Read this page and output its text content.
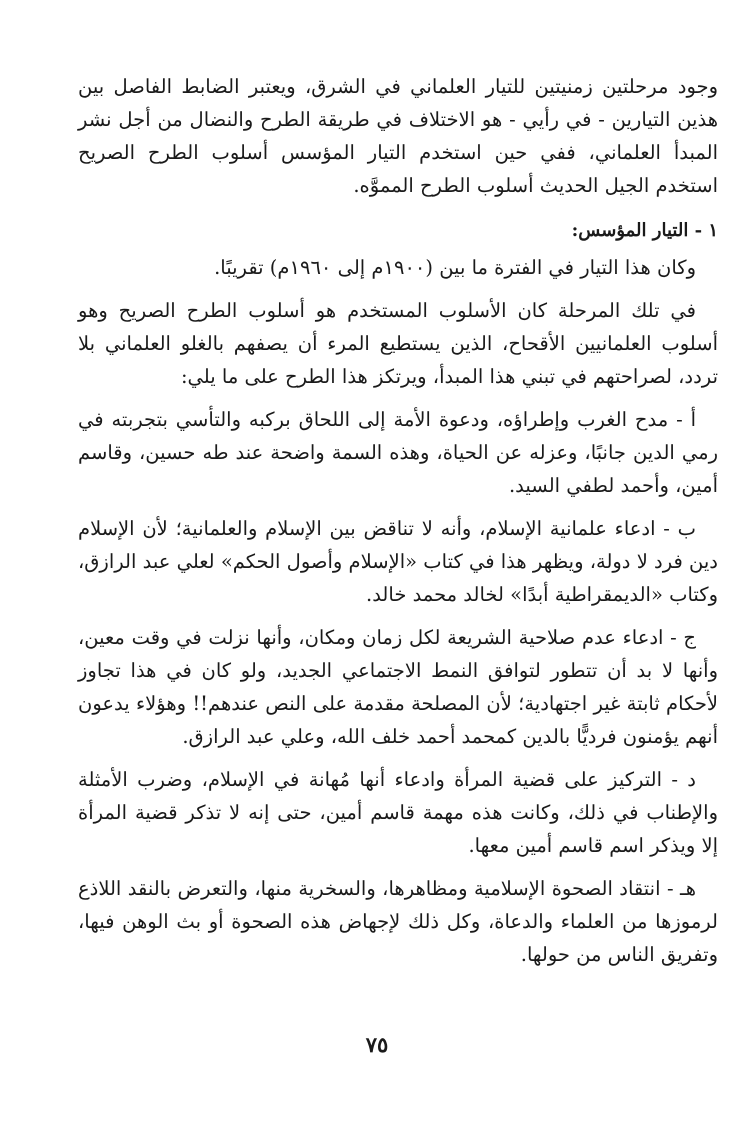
وجود مرحلتين زمنيتين للتيار العلماني في الشرق، ويعتبر الضابط الفاصل بين هذين التيارين - في رأيي - هو الاختلاف في طريقة الطرح والنضال من أجل نشر المبدأ العلماني، ففي حين استخدم التيار المؤسس أسلوب الطرح الصريح استخدم الجيل الحديث أسلوب الطرح المموَّه.

١ - التيار المؤسس:

وكان هذا التيار في الفترة ما بين (١٩٠٠م إلى ١٩٦٠م) تقريبًا.

في تلك المرحلة كان الأسلوب المستخدم هو أسلوب الطرح الصريح وهو أسلوب العلمانيين الأقحاح، الذين يستطيع المرء أن يصفهم بالغلو العلماني بلا تردد، لصراحتهم في تبني هذا المبدأ، ويرتكز هذا الطرح على ما يلي:

أ - مدح الغرب وإطراؤه، ودعوة الأمة إلى اللحاق بركبه والتأسي بتجربته في رمي الدين جانبًا، وعزله عن الحياة، وهذه السمة واضحة عند طه حسين، وقاسم أمين، وأحمد لطفي السيد.

ب - ادعاء علمانية الإسلام، وأنه لا تناقض بين الإسلام والعلمانية؛ لأن الإسلام دين فرد لا دولة، ويظهر هذا في كتاب «الإسلام وأصول الحكم» لعلي عبد الرازق، وكتاب «الديمقراطية أبدًا» لخالد محمد خالد.

ج - ادعاء عدم صلاحية الشريعة لكل زمان ومكان، وأنها نزلت في وقت معين، وأنها لا بد أن تتطور لتوافق النمط الاجتماعي الجديد، ولو كان في هذا تجاوز لأحكام ثابتة غير اجتهادية؛ لأن المصلحة مقدمة على النص عندهم!! وهؤلاء يدعون أنهم يؤمنون فرديًّا بالدين كمحمد أحمد خلف الله، وعلي عبد الرازق.

د - التركيز على قضية المرأة وادعاء أنها مُهانة في الإسلام، وضرب الأمثلة والإطناب في ذلك، وكانت هذه مهمة قاسم أمين، حتى إنه لا تذكر قضية المرأة إلا ويذكر اسم قاسم أمين معها.

هـ - انتقاد الصحوة الإسلامية ومظاهرها، والسخرية منها، والتعرض بالنقد اللاذع لرموزها من العلماء والدعاة، وكل ذلك لإجهاض هذه الصحوة أو بث الوهن فيها، وتفريق الناس من حولها.

٧٥
